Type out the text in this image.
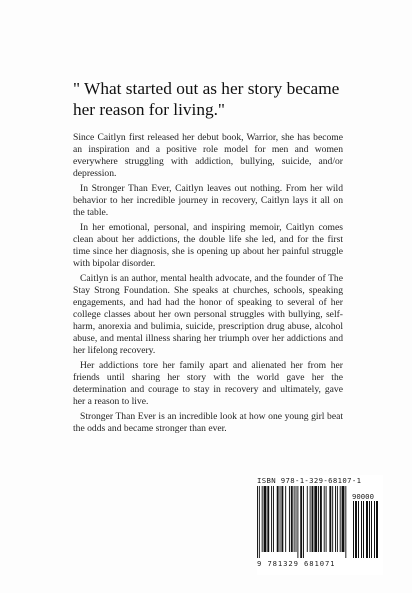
" What started out as her story became
her reason for living."

Since Caitlyn first released her debut book, Warrior, she has become an inspiration and a positive role model for men and women everywhere struggling with addiction, bullying, suicide, and/or depression.

In Stronger Than Ever, Caitlyn leaves out nothing. From her wild behavior to her incredible journey in recovery, Caitlyn lays it all on the table.

In her emotional, personal, and inspiring memoir, Caitlyn comes clean about her addictions, the double life she led, and for the first time since her diagnosis, she is opening up about her painful struggle with bipolar disorder.

Caitlyn is an author, mental health advocate, and the founder of The Stay Strong Foundation. She speaks at churches, schools, speaking engagements, and had had the honor of speaking to several of her college classes about her own personal struggles with bullying, self-harm, anorexia and bulimia, suicide, prescription drug abuse, alcohol abuse, and mental illness sharing her triumph over her addictions and her lifelong recovery.

Her addictions tore her family apart and alienated her from her friends until sharing her story with the world gave her the determination and courage to stay in recovery and ultimately, gave her a reason to live.

Stronger Than Ever is an incredible look at how one young girl beat the odds and became stronger than ever.

ISBN 978-1-329-68107-1
90000
9 781329 681071
